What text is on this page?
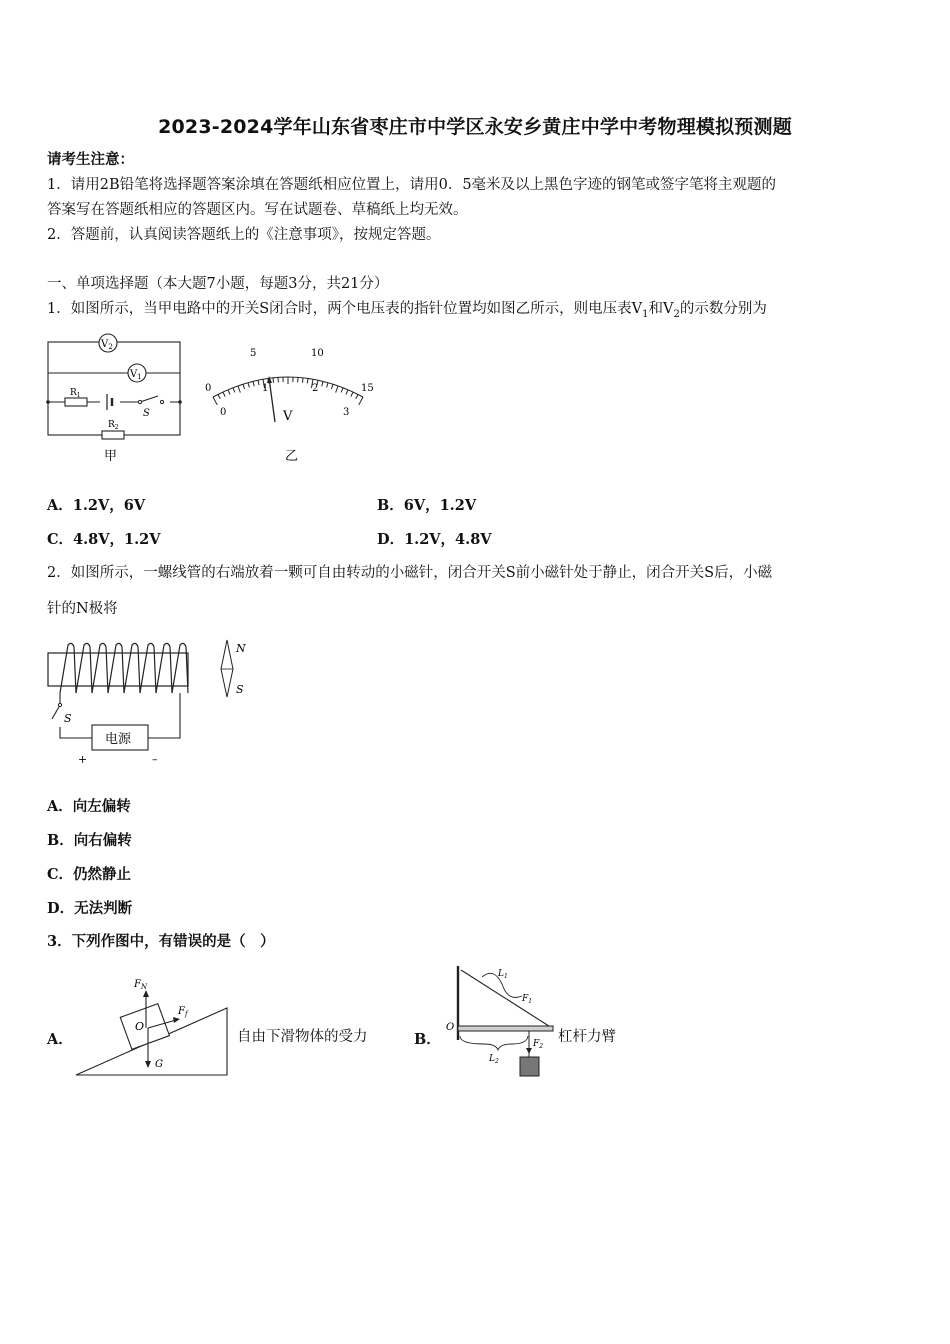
2023-2024学年山东省枣庄市中学区永安乡黄庄中学中考物理模拟预测题
请考生注意：
1．请用2B铅笔将选择题答案涂填在答题纸相应位置上，请用0．5毫米及以上黑色字迹的钢笔或签字笔将主观题的
答案写在答题纸相应的答题区内。写在试题卷、草稿纸上均无效。
2．答题前，认真阅读答题纸上的《注意事项》，按规定答题。
一、单项选择题（本大题7小题，每题3分，共21分）
1．如图所示，当甲电路中的开关S闭合时，两个电压表的指针位置均如图乙所示，则电压表$V_1$和$V_2$的示数分别为
$V_2$
$V_1$
$R_1$
S
$R_2$
甲
0
5	10
15
0
1	2
3
V
乙
A．1.2V，6V	B．6V，1.2V
C．4.8V，1.2V	D．1.2V，4.8V
2．如图所示，一螺线管的右端放着一颗可自由转动的小磁针，闭合开关S前小磁针处于静止，闭合开关S后，小磁
针的N极将
S
电源
+	–
N
S
A．向左偏转
B．向右偏转
C．仍然静止
D．无法判断
3．下列作图中，有错误的是（　）
A．
$F_N$
$F_f$
G
O
自由下滑物体的受力	B．
O
$L_1$
$F_1$
$L_2$
$F_2$
杠杆力臂
